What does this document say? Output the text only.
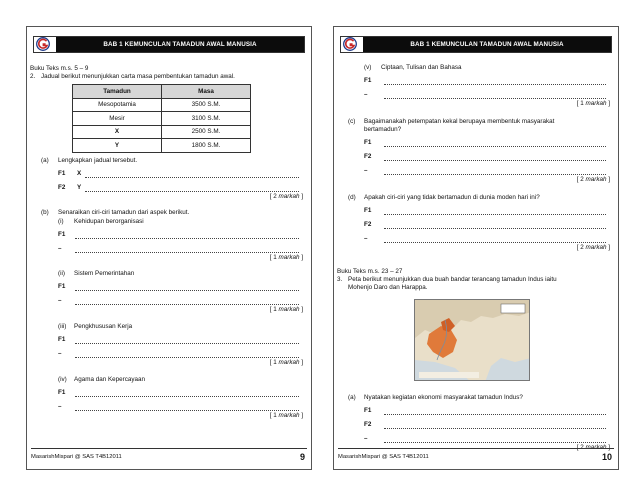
BAB 1 KEMUNCULAN TAMADUN AWAL MANUSIA
Buku Teks m.s. 5 – 9
2. Jadual berikut menunjukkan carta masa pembentukan tamadun awal.
Tamadun	Masa
Mesopotamia	3500 S.M.
Mesir	3100 S.M.
X	2500 S.M.
Y	1800 S.M.
(a) Lengkapkan jadual tersebut.
F1 X
F2 Y
[ 2 markah ]
(b) Senaraikan ciri-ciri tamadun dari aspek berikut.
(i) Kehidupan berorganisasi
F1
–
[ 1 markah ]
(ii) Sistem Pemerintahan
F1
–
[ 1 markah ]
(iii) Pengkhususan Kerja
F1
–
[ 1 markah ]
(iv) Agama dan Kepercayaan
F1
–
[ 1 markah ]
MasarishMispari @ SAS T4B12011	9
BAB 1 KEMUNCULAN TAMADUN AWAL MANUSIA
(v) Ciptaan, Tulisan dan Bahasa
F1
–
[ 1 markah ]
(c) Bagaimanakah petempatan kekal berupaya membentuk masyarakat
bertamadun?
F1
F2
–
[ 2 markah ]
(d) Apakah ciri-ciri yang tidak bertamadun di dunia moden hari ini?
F1
F2
–
[ 2 markah ]
Buku Teks m.s. 23 – 27
3. Peta berikut menunjukkan dua buah bandar terancang tamadun Indus iaitu
Mohenjo Daro dan Harappa.
(a) Nyatakan kegiatan ekonomi masyarakat tamadun Indus?
F1
F2
–
[ 2 markah ]
MasarishMispari @ SAS T4B12011	10
